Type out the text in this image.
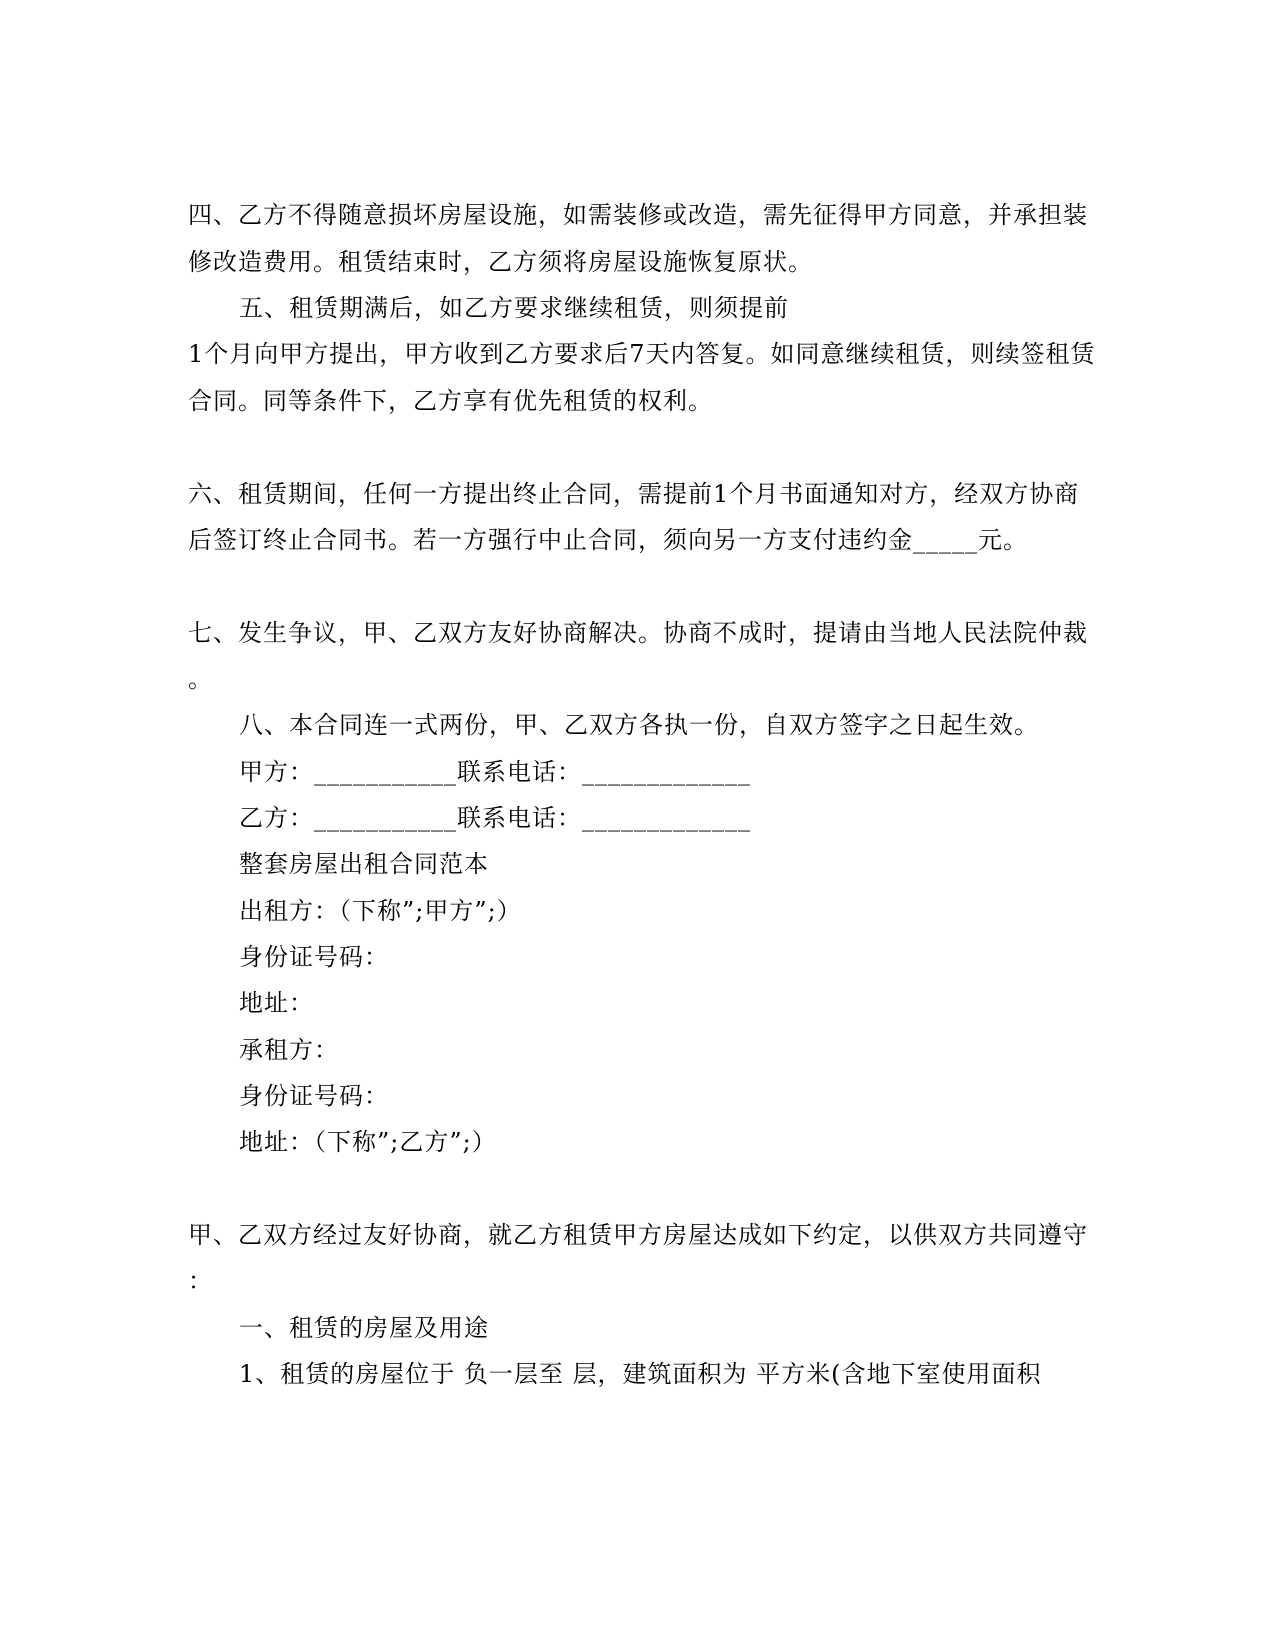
四、乙方不得随意损坏房屋设施，如需装修或改造，需先征得甲方同意，并承担装
修改造费用。租赁结束时，乙方须将房屋设施恢复原状。
五、租赁期满后，如乙方要求继续租赁，则须提前
1个月向甲方提出，甲方收到乙方要求后7天内答复。如同意继续租赁，则续签租赁
合同。同等条件下，乙方享有优先租赁的权利。
六、租赁期间，任何一方提出终止合同，需提前1个月书面通知对方，经双方协商
后签订终止合同书。若一方强行中止合同，须向另一方支付违约金_____元。
七、发生争议，甲、乙双方友好协商解决。协商不成时，提请由当地人民法院仲裁
。
八、本合同连一式两份，甲、乙双方各执一份，自双方签字之日起生效。
甲方：___________联系电话：_____________
乙方：___________联系电话：_____________
整套房屋出租合同范本
出租方：（下称”;甲方”;）
身份证号码：
地址：
承租方：
身份证号码：
地址：（下称”;乙方”;）
甲、乙双方经过友好协商，就乙方租赁甲方房屋达成如下约定，以供双方共同遵守
：
一、租赁的房屋及用途
1、租赁的房屋位于 负一层至 层，建筑面积为 平方米(含地下室使用面积
